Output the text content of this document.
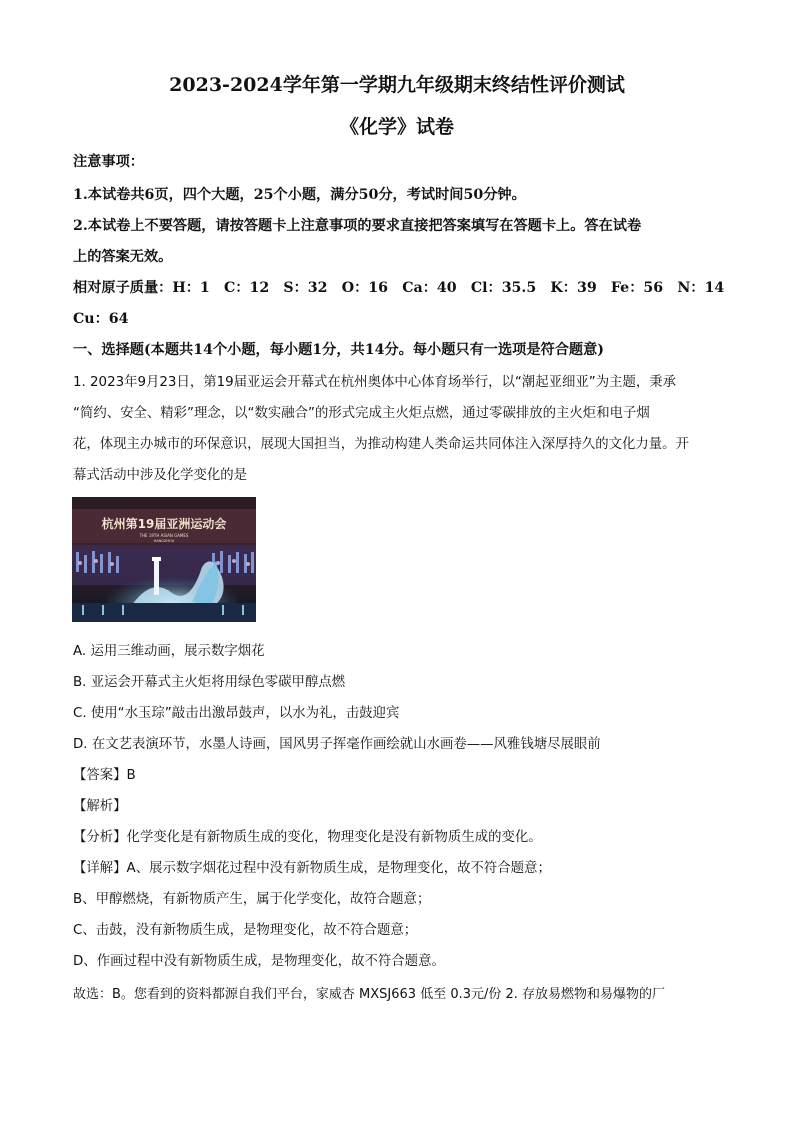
2023-2024学年第一学期九年级期末终结性评价测试
《化学》试卷
注意事项：
1.本试卷共6页，四个大题，25个小题，满分50分，考试时间50分钟。
2.本试卷上不要答题，请按答题卡上注意事项的要求直接把答案填写在答题卡上。答在试卷
上的答案无效。
相对原子质量：H：1　C：12　S：32　O：16　Ca：40　Cl：35.5　K：39　Fe：56　N：14
Cu：64
一、选择题(本题共14个小题，每小题1分，共14分。每小题只有一选项是符合题意)
1. 2023年9月23日，第19届亚运会开幕式在杭州奥体中心体育场举行，以“潮起亚细亚”为主题，秉承
“简约、安全、精彩”理念，以“数实融合”的形式完成主火炬点燃，通过零碳排放的主火炬和电子烟
花，体现主办城市的环保意识，展现大国担当，为推动构建人类命运共同体注入深厚持久的文化力量。开
幕式活动中涉及化学变化的是
杭州第19届亚洲运动会
THE 19TH ASIAN GAMES
HANGZHOU
A. 运用三维动画，展示数字烟花
B. 亚运会开幕式主火炬将用绿色零碳甲醇点燃
C. 使用“水玉琮”敲击出激昂鼓声，以水为礼，击鼓迎宾
D. 在文艺表演环节，水墨人诗画，国风男子挥毫作画绘就山水画卷——风雅钱塘尽展眼前
【答案】B
【解析】
【分析】化学变化是有新物质生成的变化，物理变化是没有新物质生成的变化。
【详解】A、展示数字烟花过程中没有新物质生成，是物理变化，故不符合题意；
B、甲醇燃烧，有新物质产生，属于化学变化，故符合题意；
C、击鼓，没有新物质生成，是物理变化，故不符合题意；
D、作画过程中没有新物质生成，是物理变化，故不符合题意。
故选：B。您看到的资料都源自我们平台，家威杏 MXSJ663 低至 0.3元/份 2. 存放易燃物和易爆物的厂
